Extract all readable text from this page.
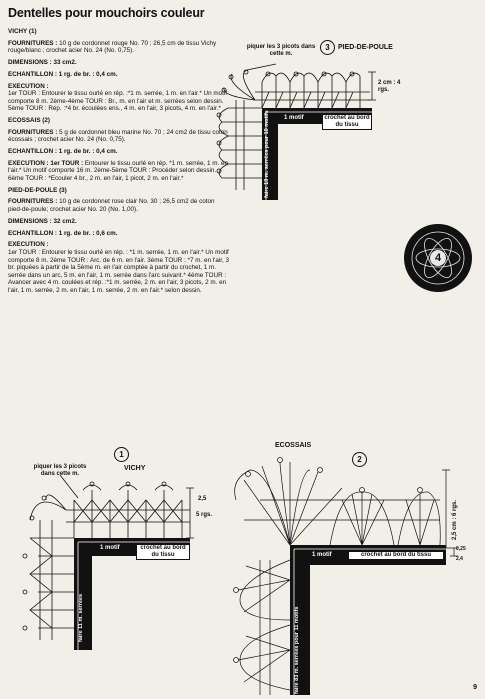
Dentelles pour mouchoirs couleur

VICHY (1)

FOURNITURES : 10 g de cordonnet rouge No. 70 ; 26,5 cm de tissu Vichy rouge/blanc ; crochet acier No. 24 (No. 0,75).

DIMENSIONS : 33 cm2.

ECHANTILLON : 1 rg. de br. : 0,4 cm.

EXECUTION :
1er TOUR : Entourer le tissu ourlé en rép. :*1 m. serrée, 1 m. en l'air.* Un motif comporte 8 m. 2ème-4ème TOUR : Br., m. en l'air et m. serrées selon dessin. 5ème TOUR : Rép. :*4 br. écoulées ens., 4 m. en l'air, 3 picots, 4 m. en l'air.*

ECOSSAIS (2)

FOURNITURES : 5 g de cordonnet bleu marine No. 70 ; 24 cm2 de tissu coton écossais ; crochet acier No. 24 (No. 0,75).

ECHANTILLON : 1 rg. de br. : 0,4 cm.

EXECUTION : 1er TOUR : Entourer le tissu ourlé en rép. *1 m. serrée, 1 m. en l'air.* Un motif comporte 16 m. 2ème-5ème TOUR : Procéder selon dessin. 6ème TOUR : *Ecouler 4 br., 2 m. en l'air, 1 picot, 2 m. en l'air.*

PIED-DE-POULE (3)

FOURNITURES : 10 g de cordonnet rose clair No. 30 ; 26,5 cm2 de coton pied-de-poule; crochet acier No. 20 (No. 1,00).

DIMENSIONS : 32 cm2.

ECHANTILLON : 1 rg. de br. : 0,6 cm.

EXECUTION :
1er TOUR : Entourer le tissu ourlé en rép. : *1 m. serrée, 1 m. en l'air.* Un motif comporte 8 m. 2ème TOUR : Arc. de 6 m. en l'air. 3ème TOUR : *7 m. en l'air, 3 br. piquées à partir de la 5ème m. en l'air comptée à partir du crochet, 1 m. serrée dans un arc, 5 m. en l'air, 1 m. serrée dans l'arc suivant.* 4ème TOUR : Avancer avec 4 m. coulées et rép. :*1 m. serrée, 2 m. en l'air, 3 picots, 2 m. en l'air, 1 m. serrée, 2 m. en l'air, 1 m. serrée, 2 m. en l'air.* selon dessin.

piquer les 3 picots dans cette m.
3	PIED-DE-POULE
2 cm : 4 rgs.
1 motif	crochet au bord du tissu
faire 10 m. serrées pour 10 motifs
1
VICHY
piquer les 3 picots dans cette m.
2,5
5 rgs.
1 motif	crochet au bord du tissu
faire 11 m. serrées
ECOSSAIS
2
2,5 cm : 6 rgs.
1 motif	crochet au bord du tissu
0,25
2,4
faire 83 m. serrées pour 11 motifs
4
9
